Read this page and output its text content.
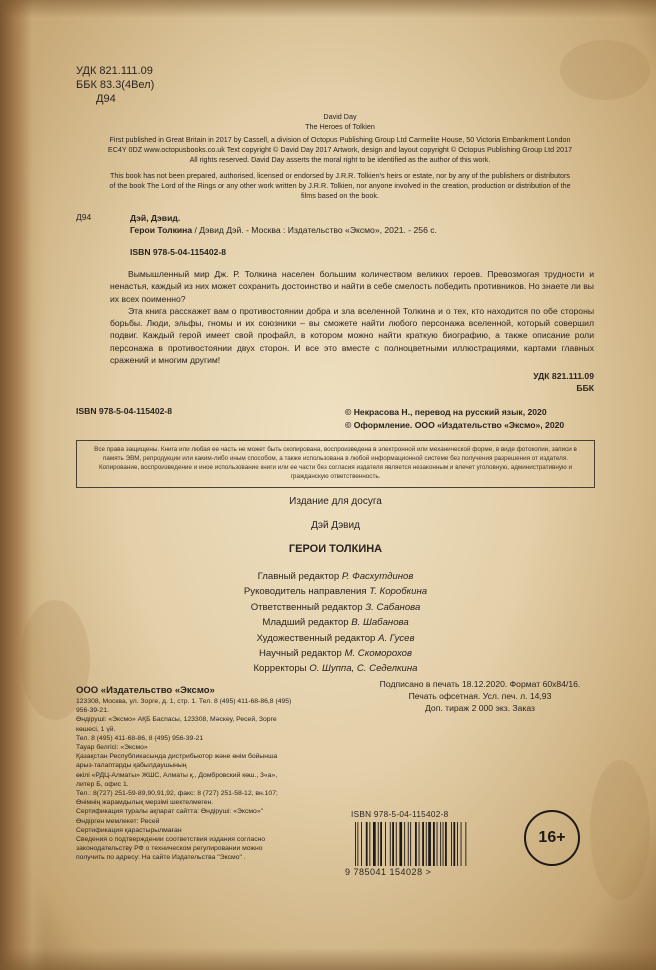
УДК 821.111.09
ББК 83.3(4Вел)
Д94
David Day
The Heroes of Tolkien
First published in Great Britain in 2017 by Cassell, a division of Octopus Publishing Group Ltd Carmelite House, 50 Victoria Embankment London
EC4Y 0DZ www.octopusbooks.co.uk Text copyright © David Day 2017 Artwork, design and layout copyright © Octopus Publishing Group Ltd 2017
All rights reserved. David Day asserts the moral right to be identified as the author of this work.
This book has not been prepared, authorised, licensed or endorsed by J.R.R. Tolkien's heirs or estate, nor by any of the publishers or distributors
of the book The Lord of the Rings or any other work written by J.R.R. Tolkien, nor anyone involved in the creation, production or distribution of the
films based on the book.
Д94	Дэй, Дэвид.
Герои Толкина / Дэвид Дэй. - Москва : Издательство «Эксмо», 2021. - 256 с.
ISBN 978-5-04-115402-8

Вымышленный мир Дж. Р. Толкина населен большим количеством великих героев. Превозмогая трудности и ненастья, каждый из них может сохранить достоинство и найти в себе смелость победить противников. Но знаете ли вы их всех поименно?

Эта книга расскажет вам о противостоянии добра и зла вселенной Толкина и о тех, кто находится по обе стороны борьбы. Люди, эльфы, гномы и их союзники – вы сможете найти любого персонажа вселенной, который совершил подвиг. Каждый герой имеет свой профайл, в котором можно найти краткую биографию, а также описание роли персонажа в противостоянии двух сторон. И все это вместе с полноцветными иллюстрациями, картами главных сражений и многим другим!

УДК 821.111.09
ББК
ISBN 978-5-04-115402-8	© Некрасова Н., перевод на русский язык, 2020
© Оформление. ООО «Издательство «Эксмо», 2020
Все права защищены. Книга или любая ее часть не может быть скопирована, воспроизведена в электронной или механической форме, в виде фотокопии, записи в память ЭВМ, репродукции или каким-либо иным способом, а также использована в любой информационной системе без получения разрешения от издателя. Копирование, воспроизведение и иное использование книги или ее части без согласия издателя является незаконным и влечет уголовную, административную и гражданскую ответственность.
Издание для досуга
Дэй Дэвид
ГЕРОИ ТОЛКИНА
Главный редактор Р. Фасхутдинов
Руководитель направления Т. Коробкина
Ответственный редактор З. Сабанова
Младший редактор В. Шабанова
Художественный редактор А. Гусев
Научный редактор М. Скоморохов
Корректоры О. Шуппа, С. Седелкина
ООО «Издательство «Эксмо»
123308, Москва, ул. Зорге, д. 1, стр. 1. Тел. 8 (495) 411-68-86,8 (495)
956-39-21.
Өндіруші: «Эксмо» АҚБ Баспасы, 123308, Мәскеу, Ресей, Зорге
көшесі, 1 үй.
Тел. 8 (495) 411-68-86, 8 (495) 956-39-21
Тауар белгісі: «Эксмо»
Қазақстан Республикасында дистрибьютор және өнім бойынша
арыз-талаптарды қабылдаушының
өкілі «РДЦ-Алматы» ЖШС, Алматы қ., Домбровский көш., 3«а»,
литер Б, офис 1.
Тел.: 8(727) 251-59-89,90,91,92, факс: 8 (727) 251-58-12, вн.107;
Өнімнің жарамдылық мерзімі шектелмеген.
Сертификация туралы ақпарат сайтта: Өндіруші: «Эксмо»"
Өндірген мемлекет: Ресей
Сертификация қарастырылмаған
Сведения о подтверждении соответствия издания согласно
законодательству РФ о техническом регулировании можно
получить по адресу: На сайте Издательства "Эксмо" .
Подписано в печать 18.12.2020. Формат 60x84/16.
Печать офсетная. Усл. печ. л. 14,93
Доп. тираж 2 000 экз. Заказ
ISBN 978-5-04-115402-8
9 785041 154028 >
16+
